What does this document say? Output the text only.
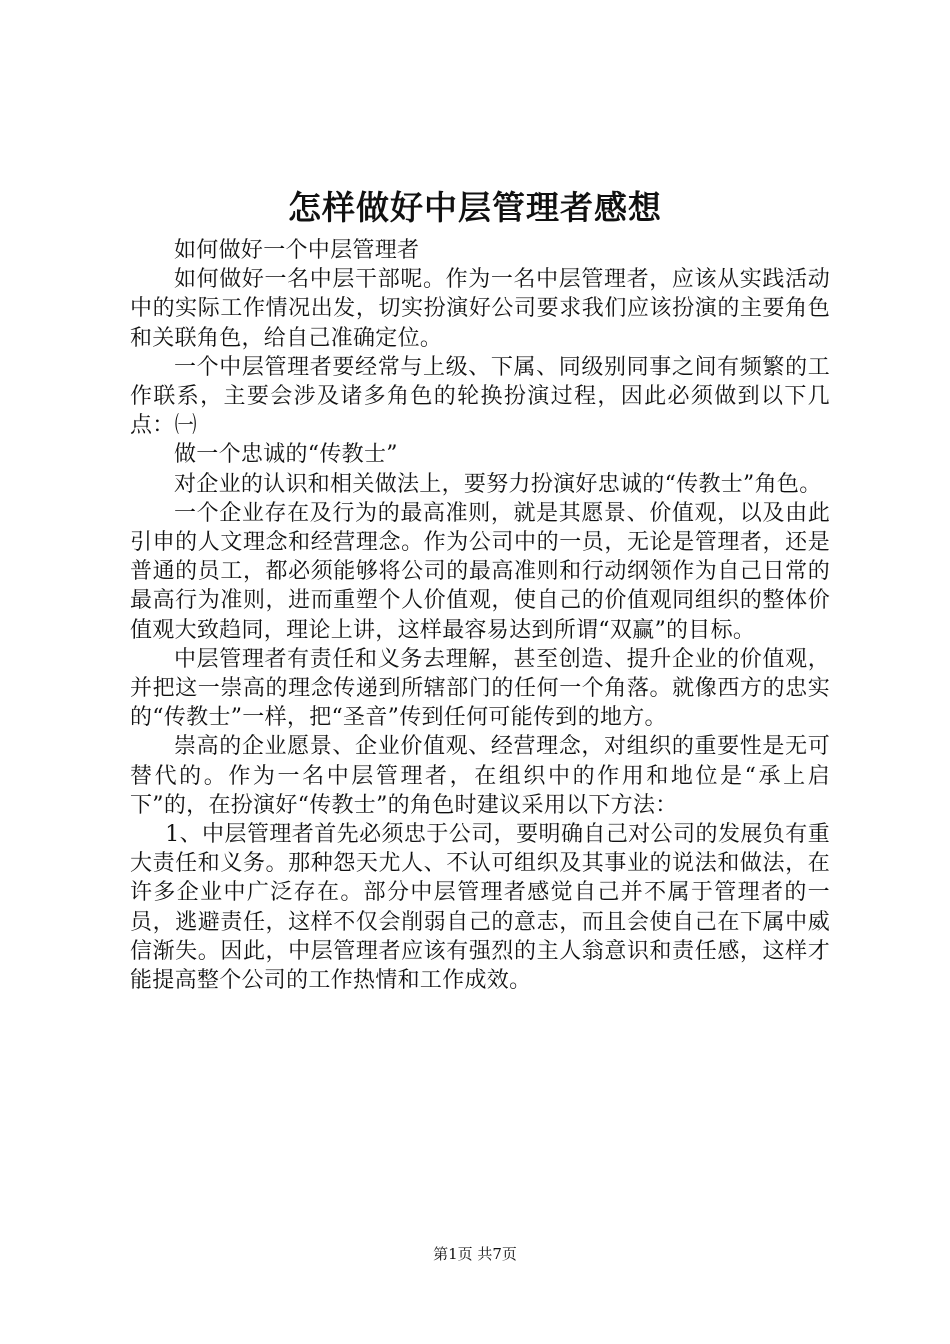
怎样做好中层管理者感想

如何做好一个中层管理者

如何做好一名中层干部呢。作为一名中层管理者，应该从实践活动中的实际工作情况出发，切实扮演好公司要求我们应该扮演的主要角色和关联角色，给自己准确定位。

一个中层管理者要经常与上级、下属、同级别同事之间有频繁的工作联系，主要会涉及诸多角色的轮换扮演过程，因此必须做到以下几点：㈠

做一个忠诚的“传教士”

对企业的认识和相关做法上，要努力扮演好忠诚的“传教士”角色。

一个企业存在及行为的最高准则，就是其愿景、价值观，以及由此引申的人文理念和经营理念。作为公司中的一员，无论是管理者，还是普通的员工，都必须能够将公司的最高准则和行动纲领作为自己日常的最高行为准则，进而重塑个人价值观，使自己的价值观同组织的整体价值观大致趋同，理论上讲，这样最容易达到所谓“双赢”的目标。

中层管理者有责任和义务去理解，甚至创造、提升企业的价值观，并把这一崇高的理念传递到所辖部门的任何一个角落。就像西方的忠实的“传教士”一样，把“圣音”传到任何可能传到的地方。

崇高的企业愿景、企业价值观、经营理念，对组织的重要性是无可替代的。作为一名中层管理者，在组织中的作用和地位是“承上启下”的，在扮演好“传教士”的角色时建议采用以下方法：

1、中层管理者首先必须忠于公司，要明确自己对公司的发展负有重大责任和义务。那种怨天尤人、不认可组织及其事业的说法和做法，在许多企业中广泛存在。部分中层管理者感觉自己并不属于管理者的一员，逃避责任，这样不仅会削弱自己的意志，而且会使自己在下属中威信渐失。因此，中层管理者应该有强烈的主人翁意识和责任感，这样才能提高整个公司的工作热情和工作成效。

第1页 共7页
